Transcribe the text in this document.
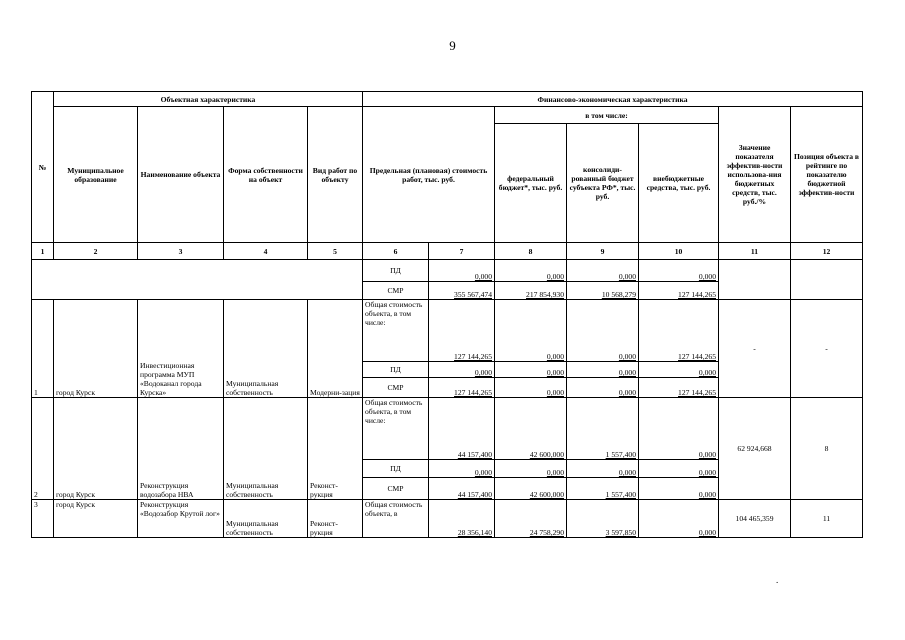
9
№	Объектная характеристика				Финансово-экономическая характеристика						
	Муниципальное образование	Наименование объекта	Форма собственности на объект	Вид работ по объекту	Предельная (плановая) стоимость работ, тыс. руб.		в том числе:			Значение показателя эффектив-ности использова-ния бюджетных средств, тыс. руб./%	Позиция объекта в рейтинге по показателю бюджетной эффектив-ности
							федеральный бюджет*, тыс. руб.	консолиди-рованный бюджет субъекта РФ*, тыс. руб.	внебюджетные средства, тыс. руб.		
1	2	3	4	5	6	7	8	9	10	11	12
					ПД	0,000	0,000	0,000	0,000		
					СМР	355 567,474	217 854,930	10 568,279	127 144,265		
1	город Курск	Инвестиционная программа МУП «Водоканал города Курска»	Муниципальная собственность	Модерни-зация	Общая стоимость объекта, в том числе:	127 144,265	0,000	0,000	127 144,265	-	-
					ПД	0,000	0,000	0,000	0,000		
					СМР	127 144,265	0,000	0,000	127 144,265		
2	город Курск	Реконструкция водозабора НВА	Муниципальная собственность	Реконст-рукция	Общая стоимость объекта, в том числе:	44 157,400	42 600,000	1 557,400	0,000	62 924,668	8
					ПД	0,000	0,000	0,000	0,000		
					СМР	44 157,400	42 600,000	1 557,400	0,000		
3	город Курск	Реконструкция «Водозабор Крутой лог»	Муниципальная собственность	Реконст-рукция	Общая стоимость объекта, в	28 356,140	24 758,290	3 597,850	0,000	104 465,359	11
.
